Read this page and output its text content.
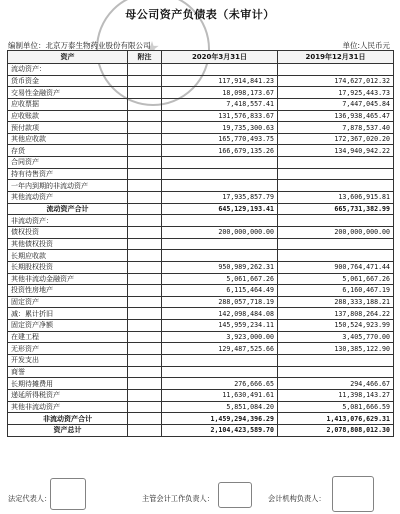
母公司资产负债表（未审计）
编制单位：北京万泰生物药业股份有限公司	单位:人民币元
资产	附注	2020年3月31日	2019年12月31日
流动资产：			
货币资金		117,914,841.23	174,627,012.32
交易性金融资产		18,098,173.67	17,925,443.73
应收票据		7,418,557.41	7,447,045.84
应收账款		131,576,833.67	136,938,465.47
预付款项		19,735,300.63	7,878,537.40
其他应收款		165,770,493.75	172,367,020.20
存货		166,679,135.26	134,940,942.22
合同资产			
持有待售资产			
一年内到期的非流动资产			
其他流动资产		17,935,857.79	13,606,915.81
流动资产合计		645,129,193.41	665,731,382.99
非流动资产：			
债权投资		200,000,000.00	200,000,000.00
其他债权投资			
长期应收款			
长期股权投资		950,989,262.31	900,764,471.44
其他非流动金融资产		5,061,667.26	5,061,667.26
投资性房地产		6,115,464.49	6,160,467.19
固定资产		288,057,718.19	288,333,188.21
减：累计折旧		142,098,484.08	137,808,264.22
固定资产净额		145,959,234.11	150,524,923.99
在建工程		3,923,000.00	3,405,770.00
无形资产		129,487,525.66	130,385,122.90
开发支出			
商誉			
长期待摊费用		276,666.65	294,466.67
递延所得税资产		11,630,491.61	11,398,143.27
其他非流动资产		5,851,084.20	5,081,666.59
非流动资产合计		1,459,294,396.29	1,413,076,629.31
资产总计		2,104,423,589.70	2,078,808,012.30
法定代表人：	主管会计工作负责人：	会计机构负责人：
